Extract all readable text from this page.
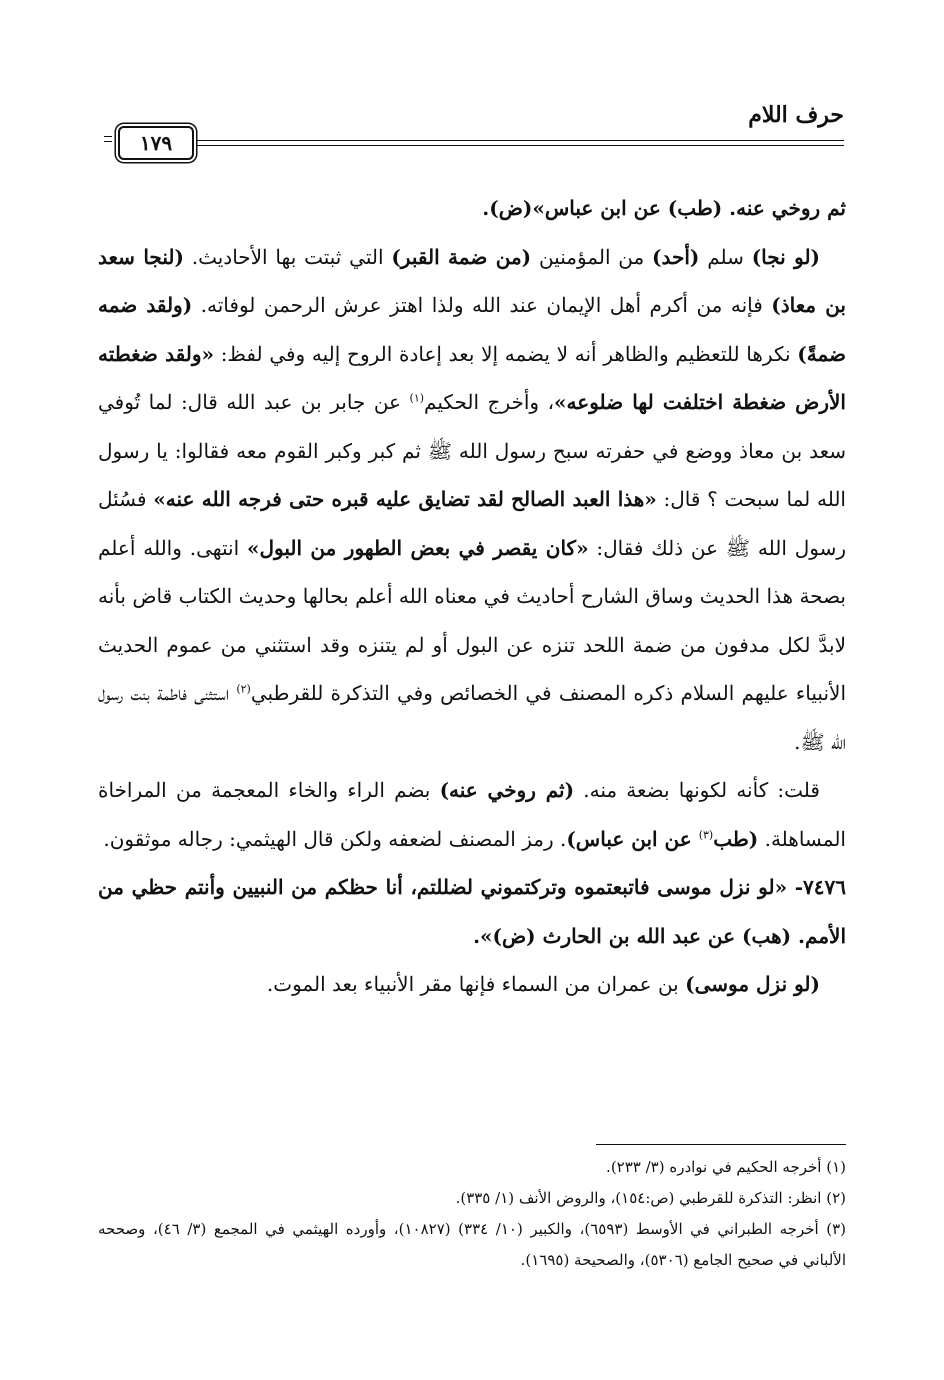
حرف اللام
١٧٩

ثم روخي عنه. (طب) عن ابن عباس»(ض).

(لو نجا) سلم (أحد) من المؤمنين (من ضمة القبر) التي ثبتت بها الأحاديث. (لنجا سعد بن معاذ) فإنه من أكرم أهل الإيمان عند الله ولذا اهتز عرش الرحمن لوفاته. (ولقد ضمه ضمةً) نكرها للتعظيم والظاهر أنه لا يضمه إلا بعد إعادة الروح إليه وفي لفظ: «ولقد ضغطته الأرض ضغطة اختلفت لها ضلوعه»، وأخرج الحكيم$^{(١)}$ عن جابر بن عبد الله قال: لما تُوفي سعد بن معاذ ووضع في حفرته سبح رسول الله ﷺ ثم كبر وكبر القوم معه فقالوا: يا رسول الله لما سبحت ؟ قال: «هذا العبد الصالح لقد تضايق عليه قبره حتى فرجه الله عنه» فسُئل رسول الله ﷺ عن ذلك فقال: «كان يقصر في بعض الطهور من البول» انتهى. والله أعلم بصحة هذا الحديث وساق الشارح أحاديث في معناه الله أعلم بحالها وحديث الكتاب قاض بأنه لابدَّ لكل مدفون من ضمة اللحد تنزه عن البول أو لم يتنزه وقد استثني من عموم الحديث الأنبياء عليهم السلام ذكره المصنف في الخصائص وفي التذكرة للقرطبي$^{(٢)}$ استثنى فاطمة بنت رسول الله ﷺ.

قلت: كأنه لكونها بضعة منه. (ثم روخي عنه) بضم الراء والخاء المعجمة من المراخاة المساهلة. (طب$^{(٣)}$ عن ابن عباس). رمز المصنف لضعفه ولكن قال الهيثمي: رجاله موثقون.

٧٤٧٦- «لو نزل موسى فاتبعتموه وتركتموني لضللتم، أنا حظكم من النبيين وأنتم حظي من الأمم. (هب) عن عبد الله بن الحارث (ض)».

(لو نزل موسى) بن عمران من السماء فإنها مقر الأنبياء بعد الموت.

(١) أخرجه الحكيم في نوادره (٣/ ٢٣٣).

(٢) انظر: التذكرة للقرطبي (ص:١٥٤)، والروض الأنف (١/ ٣٣٥).

(٣) أخرجه الطبراني في الأوسط (٦٥٩٣)، والكبير (١٠/ ٣٣٤) (١٠٨٢٧)، وأورده الهيثمي في المجمع (٣/ ٤٦)، وصححه الألباني في صحيح الجامع (٥٣٠٦)، والصحيحة (١٦٩٥).
